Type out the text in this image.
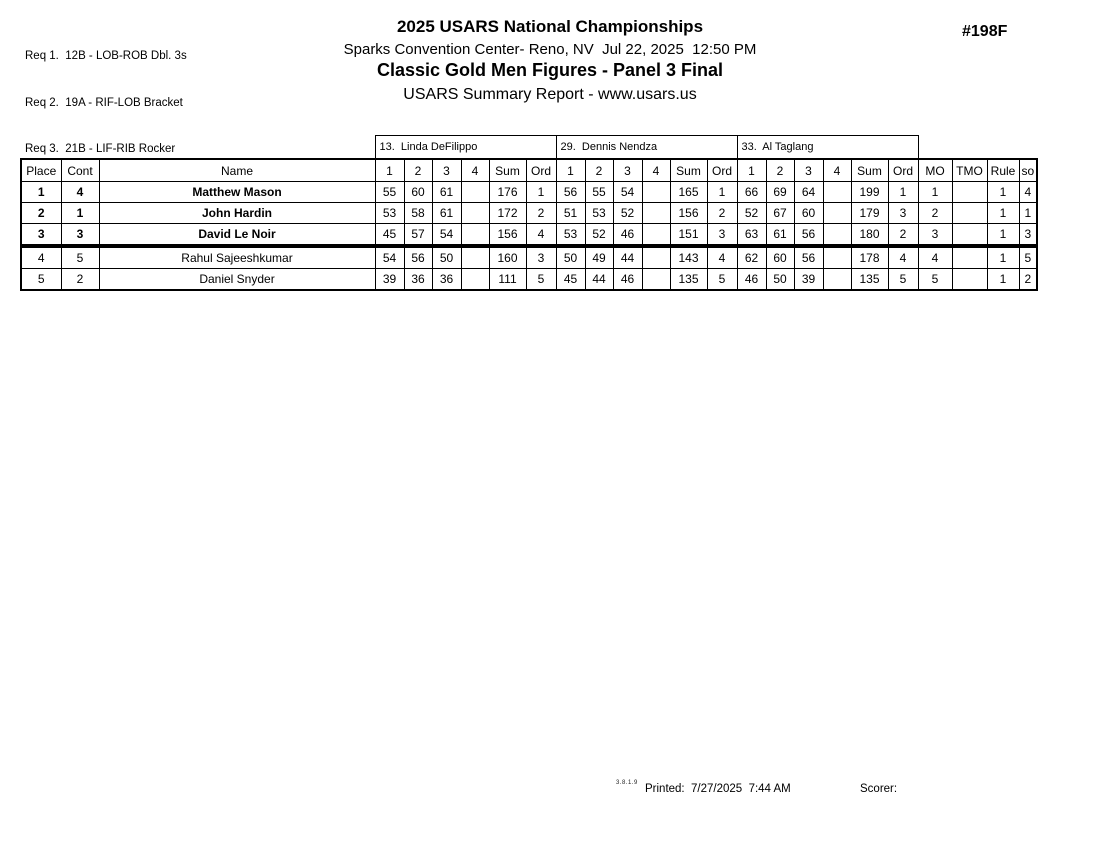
Req 1.  12B - LOB-ROB Dbl. 3s

Req 2.  19A - RIF-LOB Bracket

Req 3.  21B - LIF-RIB Rocker

2025 USARS National Championships
Sparks Convention Center- Reno, NV  Jul 22, 2025  12:50 PM
Classic Gold Men Figures - Panel 3 Final
USARS Summary Report - www.usars.us
#198F
			13.  Linda DeFilippo						29.  Dennis Nendza						33.  Al Taglang									
Place	Cont	Name	1	2	3	4	Sum	Ord	1	2	3	4	Sum	Ord	1	2	3	4	Sum	Ord	MO	TMO	Rule	so
1	4	Matthew Mason	55	60	61		176	1	56	55	54		165	1	66	69	64		199	1	1		1	4
2	1	John Hardin	53	58	61		172	2	51	53	52		156	2	52	67	60		179	3	2		1	1
3	3	David Le Noir	45	57	54		156	4	53	52	46		151	3	63	61	56		180	2	3		1	3
4	5	Rahul Sajeeshkumar	54	56	50		160	3	50	49	44		143	4	62	60	56		178	4	4		1	5
5	2	Daniel Snyder	39	36	36		111	5	45	44	46		135	5	46	50	39		135	5	5		1	2
3.8.1.9 Printed:  7/27/2025  7:44 AM	Scorer:
